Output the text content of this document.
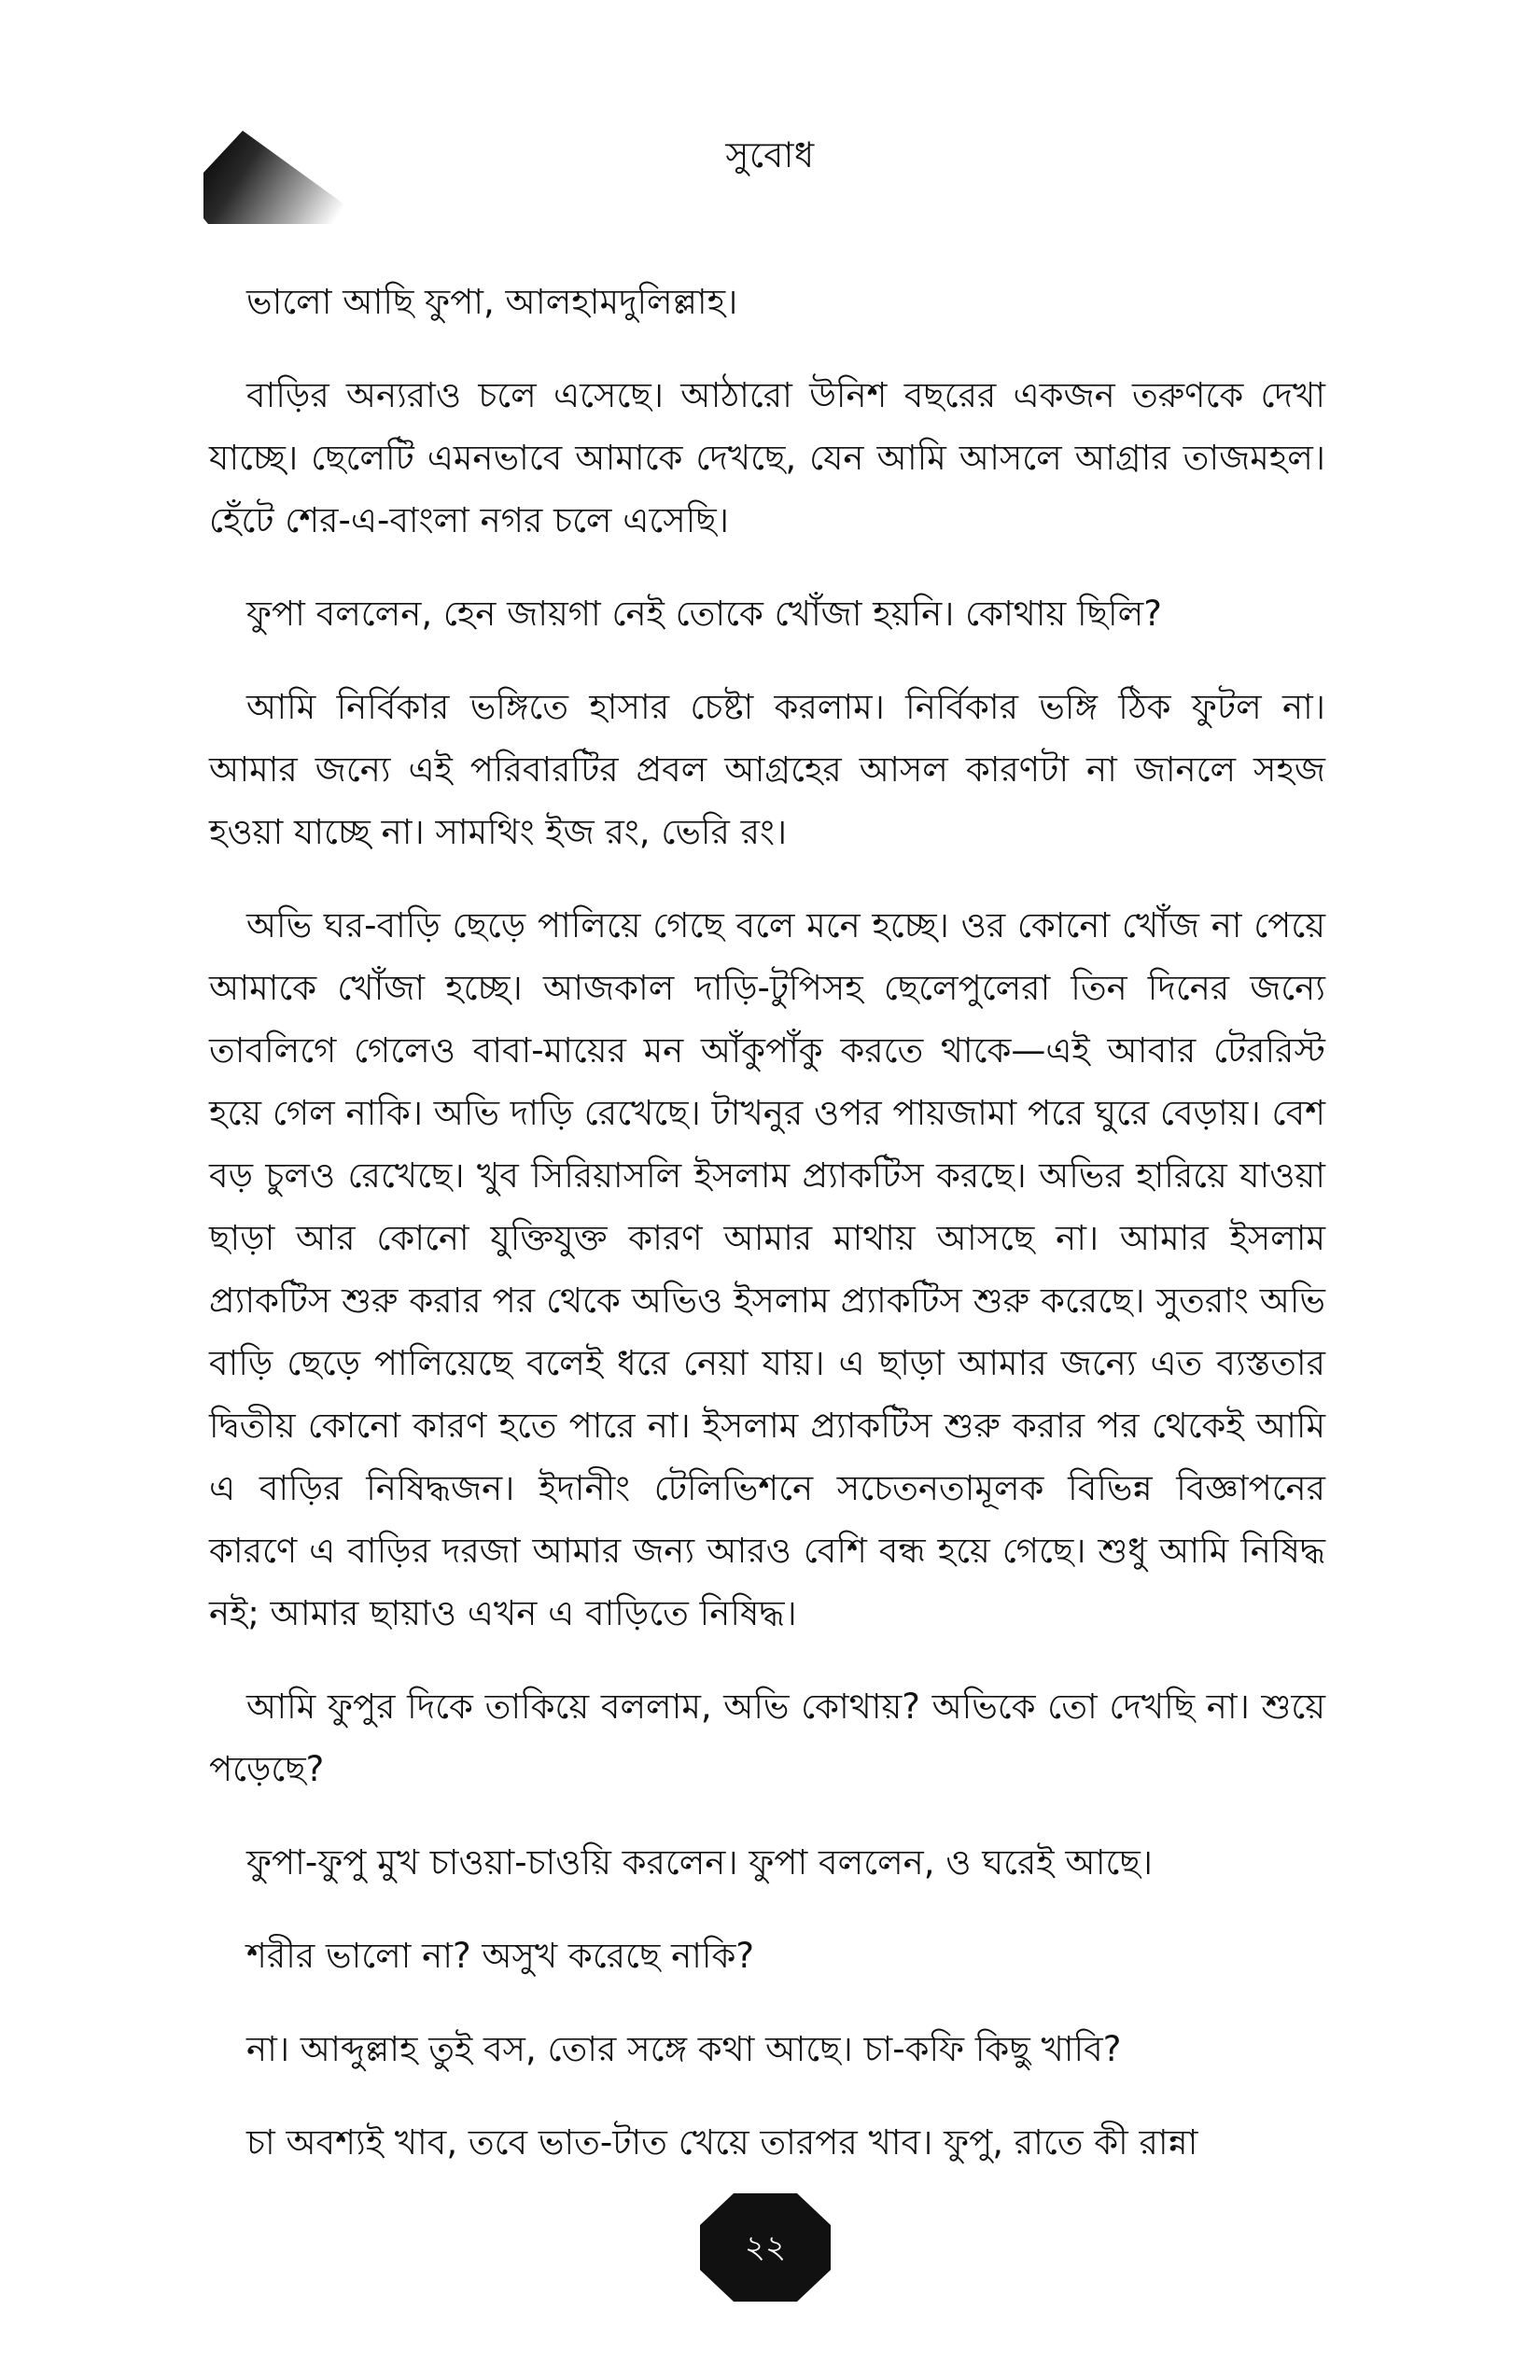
সুবোধ

ভালো আছি ফুপা, আলহামদুলিল্লাহ।

বাড়ির অন্যরাও চলে এসেছে। আঠারো উনিশ বছরের একজন তরুণকে দেখা যাচ্ছে। ছেলেটি এমনভাবে আমাকে দেখছে, যেন আমি আসলে আগ্রার তাজমহল। হেঁটে শের-এ-বাংলা নগর চলে এসেছি।

ফুপা বললেন, হেন জায়গা নেই তোকে খোঁজা হয়নি। কোথায় ছিলি?

আমি নির্বিকার ভঙ্গিতে হাসার চেষ্টা করলাম। নির্বিকার ভঙ্গি ঠিক ফুটল না। আমার জন্যে এই পরিবারটির প্রবল আগ্রহের আসল কারণটা না জানলে সহজ হওয়া যাচ্ছে না। সামথিং ইজ রং, ভেরি রং।

অভি ঘর-বাড়ি ছেড়ে পালিয়ে গেছে বলে মনে হচ্ছে। ওর কোনো খোঁজ না পেয়ে আমাকে খোঁজা হচ্ছে। আজকাল দাড়ি-টুপিসহ ছেলেপুলেরা তিন দিনের জন্যে তাবলিগে গেলেও বাবা-মায়ের মন আঁকুপাঁকু করতে থাকে—এই আবার টেররিস্ট হয়ে গেল নাকি। অভি দাড়ি রেখেছে। টাখনুর ওপর পায়জামা পরে ঘুরে বেড়ায়। বেশ বড় চুলও রেখেছে। খুব সিরিয়াসলি ইসলাম প্র্যাকটিস করছে। অভির হারিয়ে যাওয়া ছাড়া আর কোনো যুক্তিযুক্ত কারণ আমার মাথায় আসছে না। আমার ইসলাম প্র্যাকটিস শুরু করার পর থেকে অভিও ইসলাম প্র্যাকটিস শুরু করেছে। সুতরাং অভি বাড়ি ছেড়ে পালিয়েছে বলেই ধরে নেয়া যায়। এ ছাড়া আমার জন্যে এত ব্যস্ততার দ্বিতীয় কোনো কারণ হতে পারে না। ইসলাম প্র্যাকটিস শুরু করার পর থেকেই আমি এ বাড়ির নিষিদ্ধজন। ইদানীং টেলিভিশনে সচেতনতামূলক বিভিন্ন বিজ্ঞাপনের কারণে এ বাড়ির দরজা আমার জন্য আরও বেশি বন্ধ হয়ে গেছে। শুধু আমি নিষিদ্ধ নই; আমার ছায়াও এখন এ বাড়িতে নিষিদ্ধ।

আমি ফুপুর দিকে তাকিয়ে বললাম, অভি কোথায়? অভিকে তো দেখছি না। শুয়ে পড়েছে?

ফুপা-ফুপু মুখ চাওয়া-চাওয়ি করলেন। ফুপা বললেন, ও ঘরেই আছে।

শরীর ভালো না? অসুখ করেছে নাকি?

না। আব্দুল্লাহ তুই বস, তোর সঙ্গে কথা আছে। চা-কফি কিছু খাবি?

চা অবশ্যই খাব, তবে ভাত-টাত খেয়ে তারপর খাব। ফুপু, রাতে কী রান্না

২২
